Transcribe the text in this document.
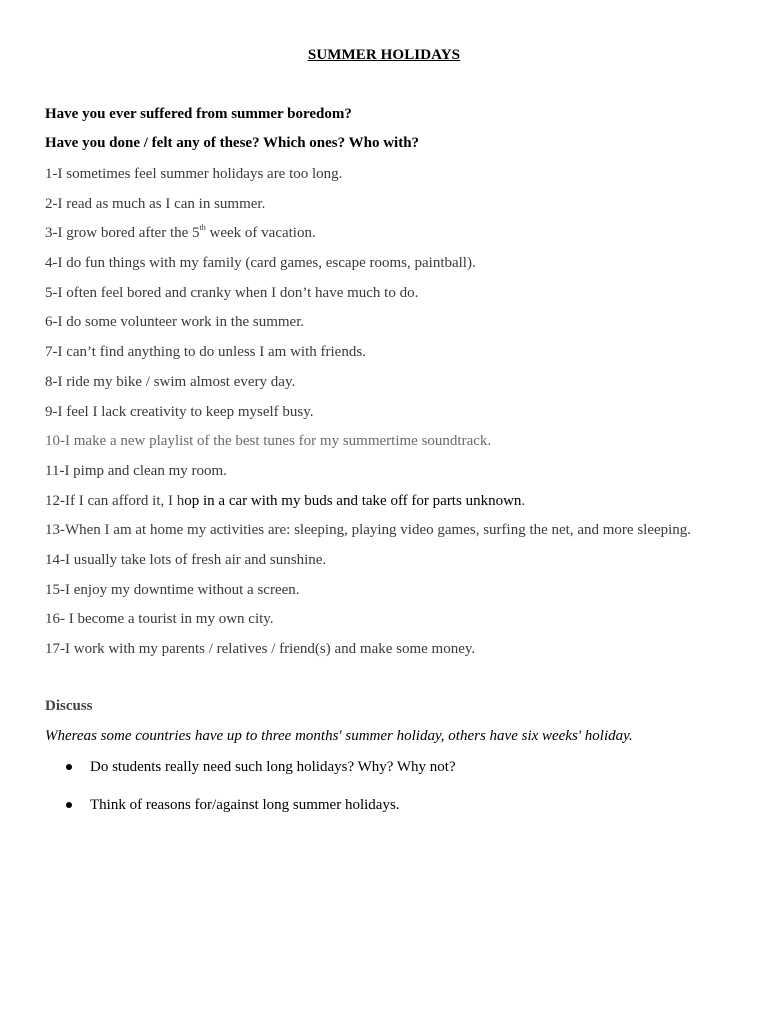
SUMMER HOLIDAYS
Have you ever suffered from summer boredom?
Have you done / felt any of these? Which ones? Who with?
1-I sometimes feel summer holidays are too long.
2-I read as much as I can in summer.
3-I grow bored after the 5th week of vacation.
4-I do fun things with my family (card games, escape rooms, paintball).
5-I often feel bored and cranky when I don’t have much to do.
6-I do some volunteer work in the summer.
7-I can’t find anything to do unless I am with friends.
8-I ride my bike / swim almost every day.
9-I feel I lack creativity to keep myself busy.
10-I make a new playlist of the best tunes for my summertime soundtrack.
11-I pimp and clean my room.
12-If I can afford it, I hop in a car with my buds and take off for parts unknown.
13-When I am at home my activities are: sleeping, playing video games, surfing the net, and more sleeping.
14-I usually take lots of fresh air and sunshine.
15-I enjoy my downtime without a screen.
16- I become a tourist in my own city.
17-I work with my parents / relatives / friend(s) and make some money.
Discuss
Whereas some countries have up to three months' summer holiday, others have six weeks' holiday.
Do students really need such long holidays? Why? Why not?
Think of reasons for/against long summer holidays.
